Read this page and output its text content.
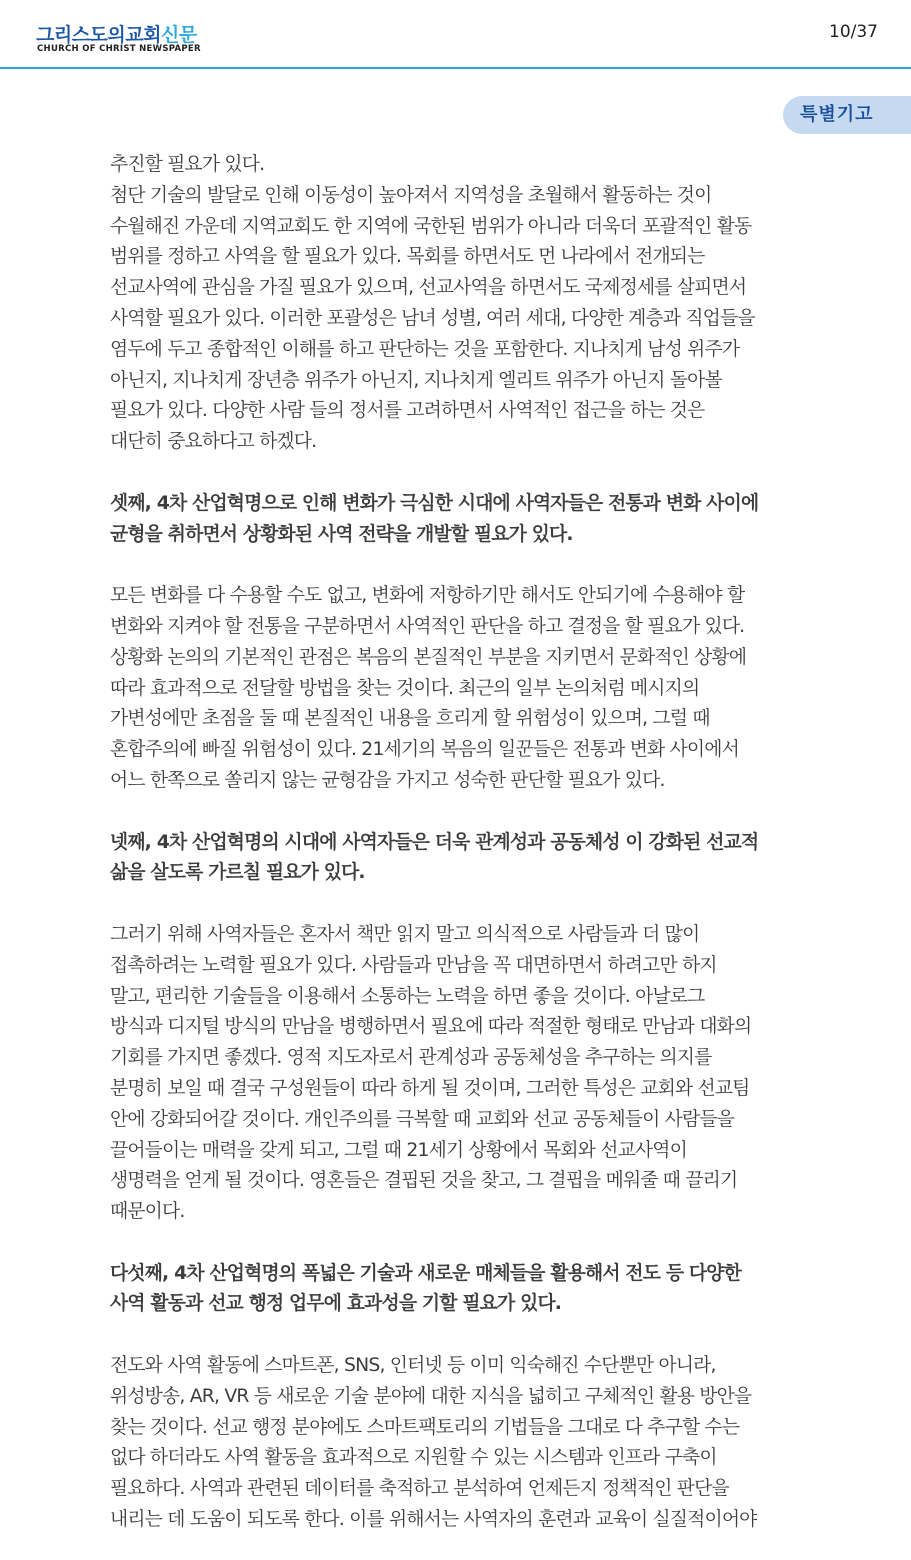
그리스도의교회신문
CHURCH OF CHRIST NEWSPAPER
10/37
특별기고
추진할 필요가 있다.
첨단 기술의 발달로 인해 이동성이 높아져서 지역성을 초월해서 활동하는 것이
수월해진 가운데 지역교회도 한 지역에 국한된 범위가 아니라 더욱더 포괄적인 활동
범위를 정하고 사역을 할 필요가 있다. 목회를 하면서도 먼 나라에서 전개되는
선교사역에 관심을 가질 필요가 있으며, 선교사역을 하면서도 국제정세를 살피면서
사역할 필요가 있다. 이러한 포괄성은 남녀 성별, 여러 세대, 다양한 계층과 직업들을
염두에 두고 종합적인 이해를 하고 판단하는 것을 포함한다. 지나치게 남성 위주가
아닌지, 지나치게 장년층 위주가 아닌지, 지나치게 엘리트 위주가 아닌지 돌아볼
필요가 있다. 다양한 사람 들의 정서를 고려하면서 사역적인 접근을 하는 것은
대단히 중요하다고 하겠다.
셋째, 4차 산업혁명으로 인해 변화가 극심한 시대에 사역자들은 전통과 변화 사이에
균형을 취하면서 상황화된 사역 전략을 개발할 필요가 있다.
모든 변화를 다 수용할 수도 없고, 변화에 저항하기만 해서도 안되기에 수용해야 할
변화와 지켜야 할 전통을 구분하면서 사역적인 판단을 하고 결정을 할 필요가 있다.
상황화 논의의 기본적인 관점은 복음의 본질적인 부분을 지키면서 문화적인 상황에
따라 효과적으로 전달할 방법을 찾는 것이다. 최근의 일부 논의처럼 메시지의
가변성에만 초점을 둘 때 본질적인 내용을 흐리게 할 위험성이 있으며, 그럴 때
혼합주의에 빠질 위험성이 있다. 21세기의 복음의 일꾼들은 전통과 변화 사이에서
어느 한쪽으로 쏠리지 않는 균형감을 가지고 성숙한 판단할 필요가 있다.
넷째, 4차 산업혁명의 시대에 사역자들은 더욱 관계성과 공동체성 이 강화된 선교적
삶을 살도록 가르칠 필요가 있다.
그러기 위해 사역자들은 혼자서 책만 읽지 말고 의식적으로 사람들과 더 많이
접촉하려는 노력할 필요가 있다. 사람들과 만남을 꼭 대면하면서 하려고만 하지
말고, 편리한 기술들을 이용해서 소통하는 노력을 하면 좋을 것이다. 아날로그
방식과 디지털 방식의 만남을 병행하면서 필요에 따라 적절한 형태로 만남과 대화의
기회를 가지면 좋겠다. 영적 지도자로서 관계성과 공동체성을 추구하는 의지를
분명히 보일 때 결국 구성원들이 따라 하게 될 것이며, 그러한 특성은 교회와 선교팀
안에 강화되어갈 것이다. 개인주의를 극복할 때 교회와 선교 공동체들이 사람들을
끌어들이는 매력을 갖게 되고, 그럴 때 21세기 상황에서 목회와 선교사역이
생명력을 얻게 될 것이다. 영혼들은 결핍된 것을 찾고, 그 결핍을 메워줄 때 끌리기
때문이다.
다섯째, 4차 산업혁명의 폭넓은 기술과 새로운 매체들을 활용해서 전도 등 다양한
사역 활동과 선교 행정 업무에 효과성을 기할 필요가 있다.
전도와 사역 활동에 스마트폰, SNS, 인터넷 등 이미 익숙해진 수단뿐만 아니라,
위성방송, AR, VR 등 새로운 기술 분야에 대한 지식을 넓히고 구체적인 활용 방안을
찾는 것이다. 선교 행정 분야에도 스마트팩토리의 기법들을 그대로 다 추구할 수는
없다 하더라도 사역 활동을 효과적으로 지원할 수 있는 시스템과 인프라 구축이
필요하다. 사역과 관련된 데이터를 축적하고 분석하여 언제든지 정책적인 판단을
내리는 데 도움이 되도록 한다. 이를 위해서는 사역자의 훈련과 교육이 실질적이어야
